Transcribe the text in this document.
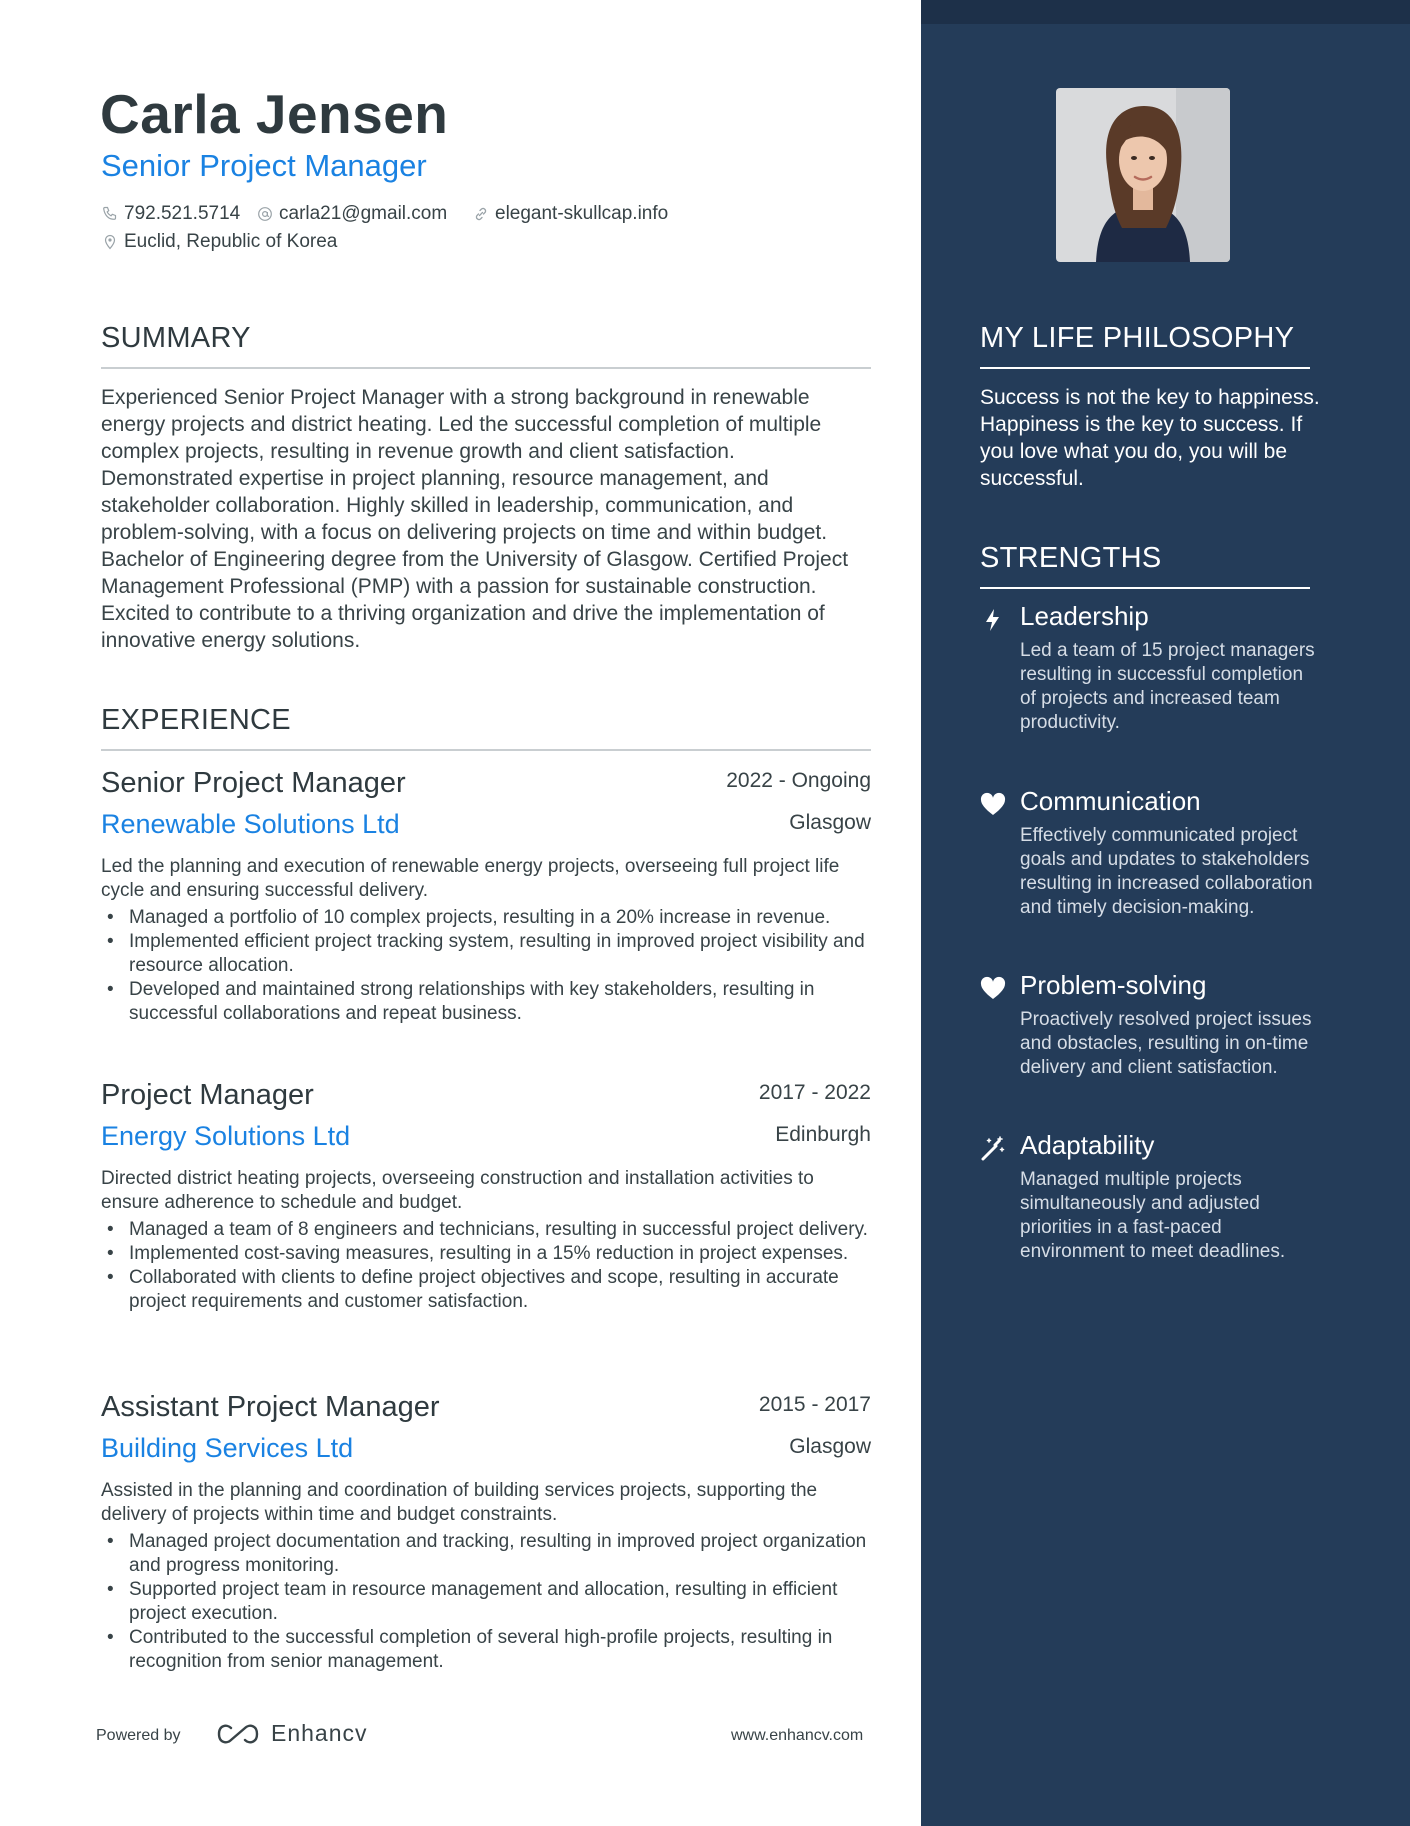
Carla Jensen
Senior Project Manager
792.521.5714 carla21@gmail.com	elegant-skullcap.info
Euclid, Republic of Korea
SUMMARY
Experienced Senior Project Manager with a strong background in renewable energy projects and district heating. Led the successful completion of multiple complex projects, resulting in revenue growth and client satisfaction. Demonstrated expertise in project planning, resource management, and stakeholder collaboration. Highly skilled in leadership, communication, and problem-solving, with a focus on delivering projects on time and within budget. Bachelor of Engineering degree from the University of Glasgow. Certified Project Management Professional (PMP) with a passion for sustainable construction. Excited to contribute to a thriving organization and drive the implementation of innovative energy solutions.
EXPERIENCE
Senior Project Manager	2022 - Ongoing
Renewable Solutions Ltd	Glasgow
Led the planning and execution of renewable energy projects, overseeing full project life cycle and ensuring successful delivery.
• Managed a portfolio of 10 complex projects, resulting in a 20% increase in revenue.
• Implemented efficient project tracking system, resulting in improved project visibility and resource allocation.
• Developed and maintained strong relationships with key stakeholders, resulting in successful collaborations and repeat business.
Project Manager	2017 - 2022
Energy Solutions Ltd	Edinburgh
Directed district heating projects, overseeing construction and installation activities to ensure adherence to schedule and budget.
• Managed a team of 8 engineers and technicians, resulting in successful project delivery.
• Implemented cost-saving measures, resulting in a 15% reduction in project expenses.
• Collaborated with clients to define project objectives and scope, resulting in accurate project requirements and customer satisfaction.
Assistant Project Manager	2015 - 2017
Building Services Ltd	Glasgow
Assisted in the planning and coordination of building services projects, supporting the delivery of projects within time and budget constraints.
• Managed project documentation and tracking, resulting in improved project organization and progress monitoring.
• Supported project team in resource management and allocation, resulting in efficient project execution.
• Contributed to the successful completion of several high-profile projects, resulting in recognition from senior management.
Powered by	Enhancv	www.enhancv.com
MY LIFE PHILOSOPHY
Success is not the key to happiness. Happiness is the key to success. If you love what you do, you will be successful.
STRENGTHS
Leadership
Led a team of 15 project managers resulting in successful completion of projects and increased team productivity.
Communication
Effectively communicated project goals and updates to stakeholders resulting in increased collaboration and timely decision-making.
Problem-solving
Proactively resolved project issues and obstacles, resulting in on-time delivery and client satisfaction.
Adaptability
Managed multiple projects simultaneously and adjusted priorities in a fast-paced environment to meet deadlines.
